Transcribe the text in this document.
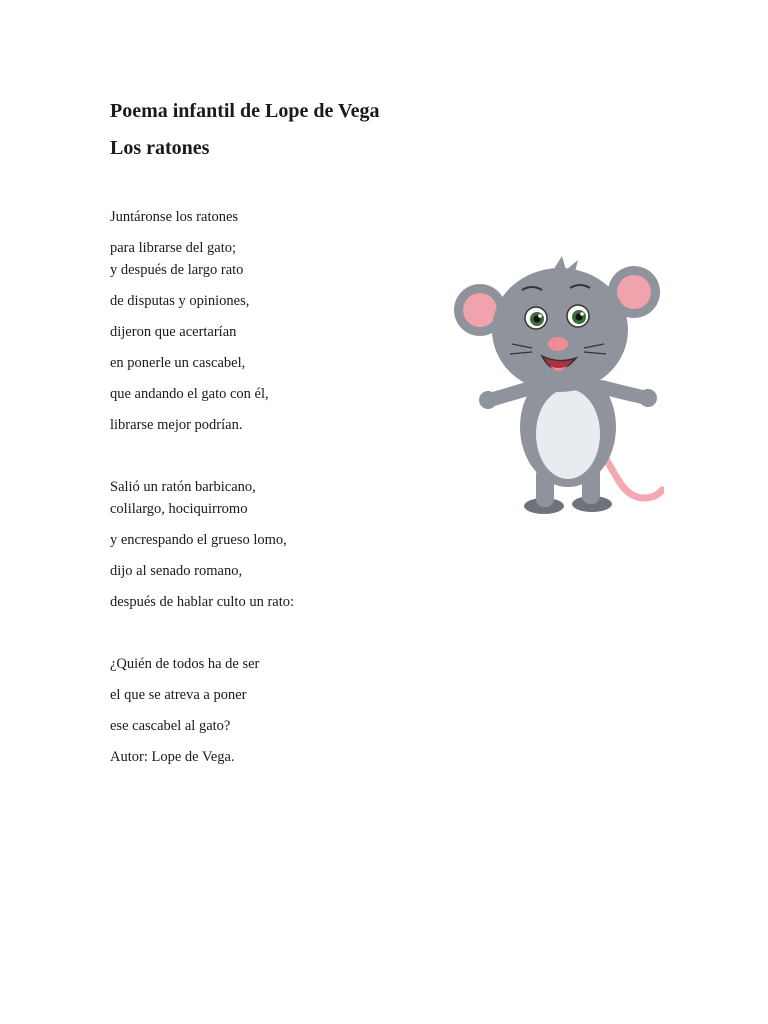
Poema infantil de Lope de Vega
Los ratones

Juntáronse los ratones

para librarse del gato;

y después de largo rato

de disputas y opiniones,

dijeron que acertarían

en ponerle un cascabel,

que andando el gato con él,

librarse mejor podrían.

Salió un ratón barbicano,

colilargo, hociquirromo

y encrespando el grueso lomo,

dijo al senado romano,

después de hablar culto un rato:

¿Quién de todos ha de ser

el que se atreva a poner

ese cascabel al gato?

Autor: Lope de Vega.
